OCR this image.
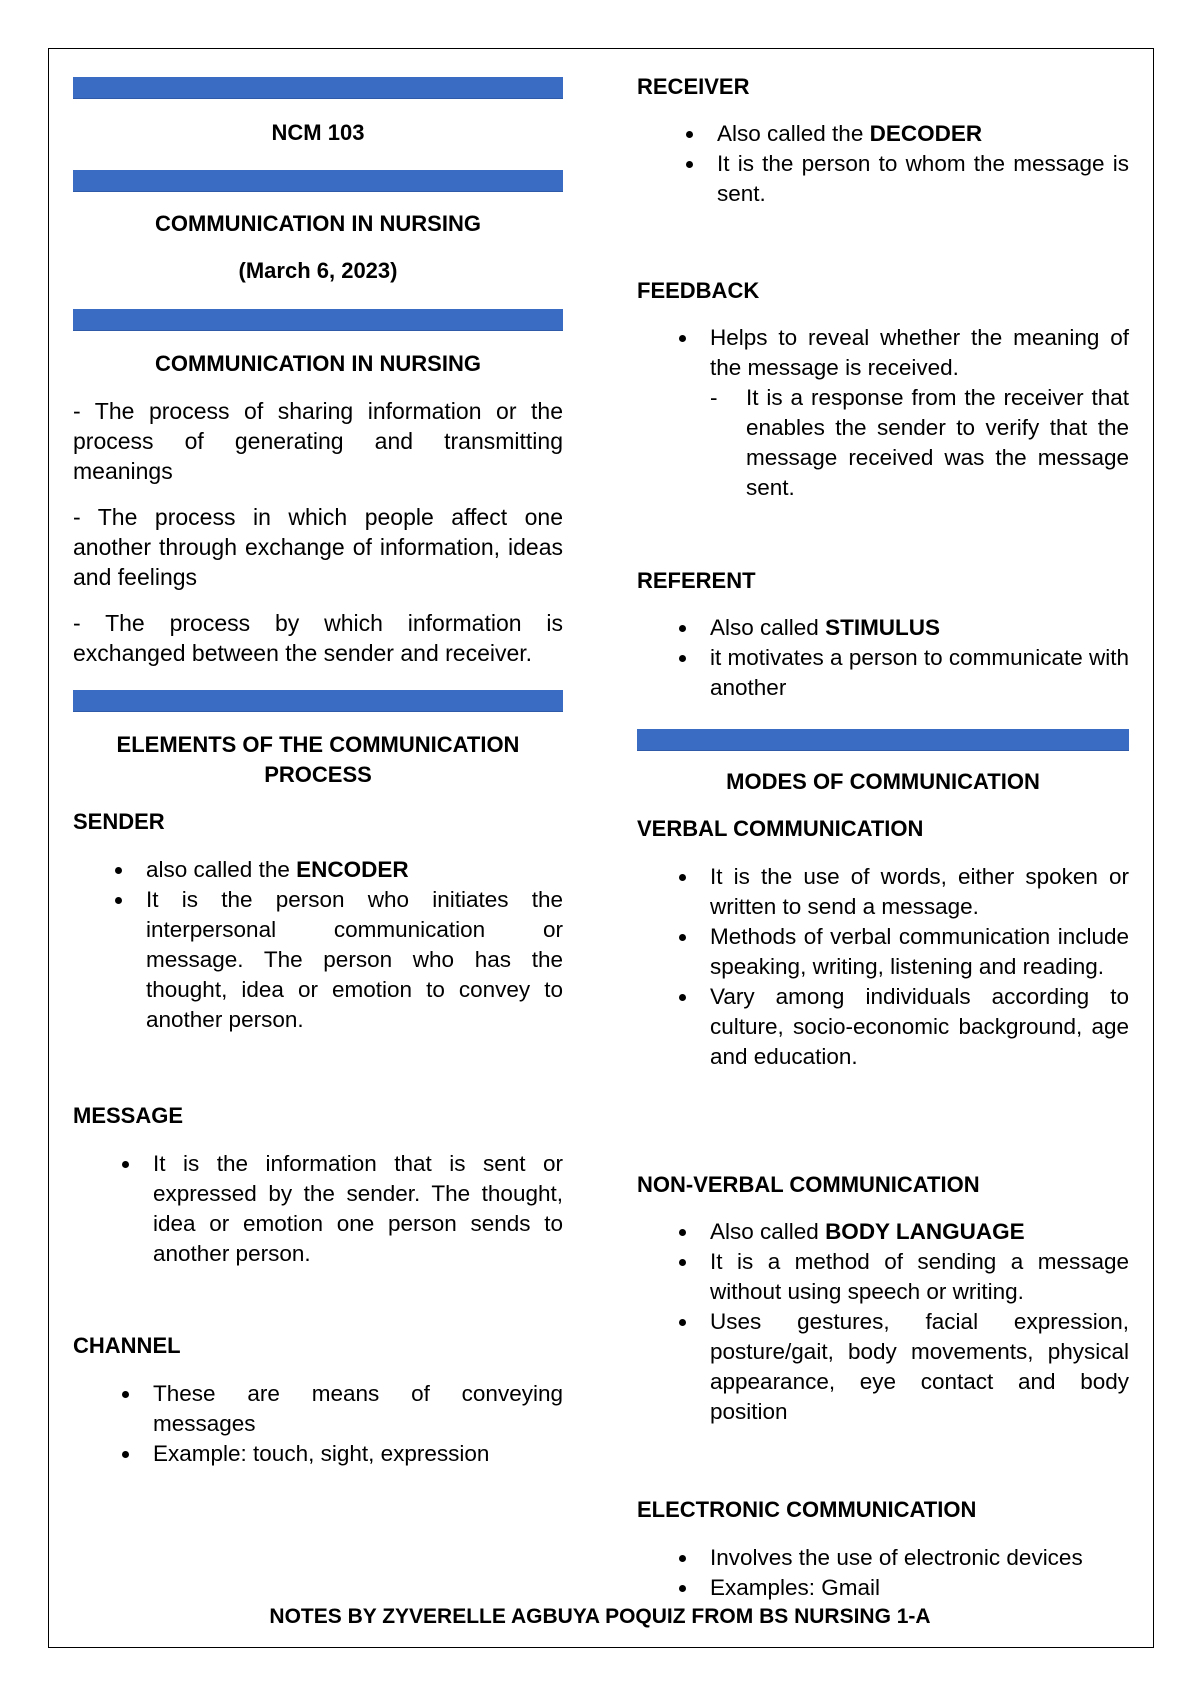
NCM 103
COMMUNICATION IN NURSING
(March 6, 2023)
COMMUNICATION IN NURSING
- The process of sharing information or the process of generating and transmitting meanings
- The process in which people affect one another through exchange of information, ideas and feelings
- The process by which information is exchanged between the sender and receiver.
ELEMENTS OF THE COMMUNICATION
PROCESS
SENDER
also called the ENCODER
It is the person who initiates the interpersonal communication or message. The person who has the thought, idea or emotion to convey to another person.
MESSAGE
It is the information that is sent or expressed by the sender. The thought, idea or emotion one person sends to another person.
CHANNEL
These are means of conveying messages
Example: touch, sight, expression
RECEIVER
Also called the DECODER
It is the person to whom the message is sent.
FEEDBACK
Helps to reveal whether the meaning of the message is received.
- It is a response from the receiver that enables the sender to verify that the message received was the message sent.
REFERENT
Also called STIMULUS
it motivates a person to communicate with another
MODES OF COMMUNICATION
VERBAL COMMUNICATION
It is the use of words, either spoken or written to send a message.
Methods of verbal communication include speaking, writing, listening and reading.
Vary among individuals according to culture, socio-economic background, age and education.
NON-VERBAL COMMUNICATION
Also called BODY LANGUAGE
It is a method of sending a message without using speech or writing.
Uses gestures, facial expression, posture/gait, body movements, physical appearance, eye contact and body position
ELECTRONIC COMMUNICATION
Involves the use of electronic devices
Examples: Gmail
NOTES BY ZYVERELLE AGBUYA POQUIZ FROM BS NURSING 1-A
